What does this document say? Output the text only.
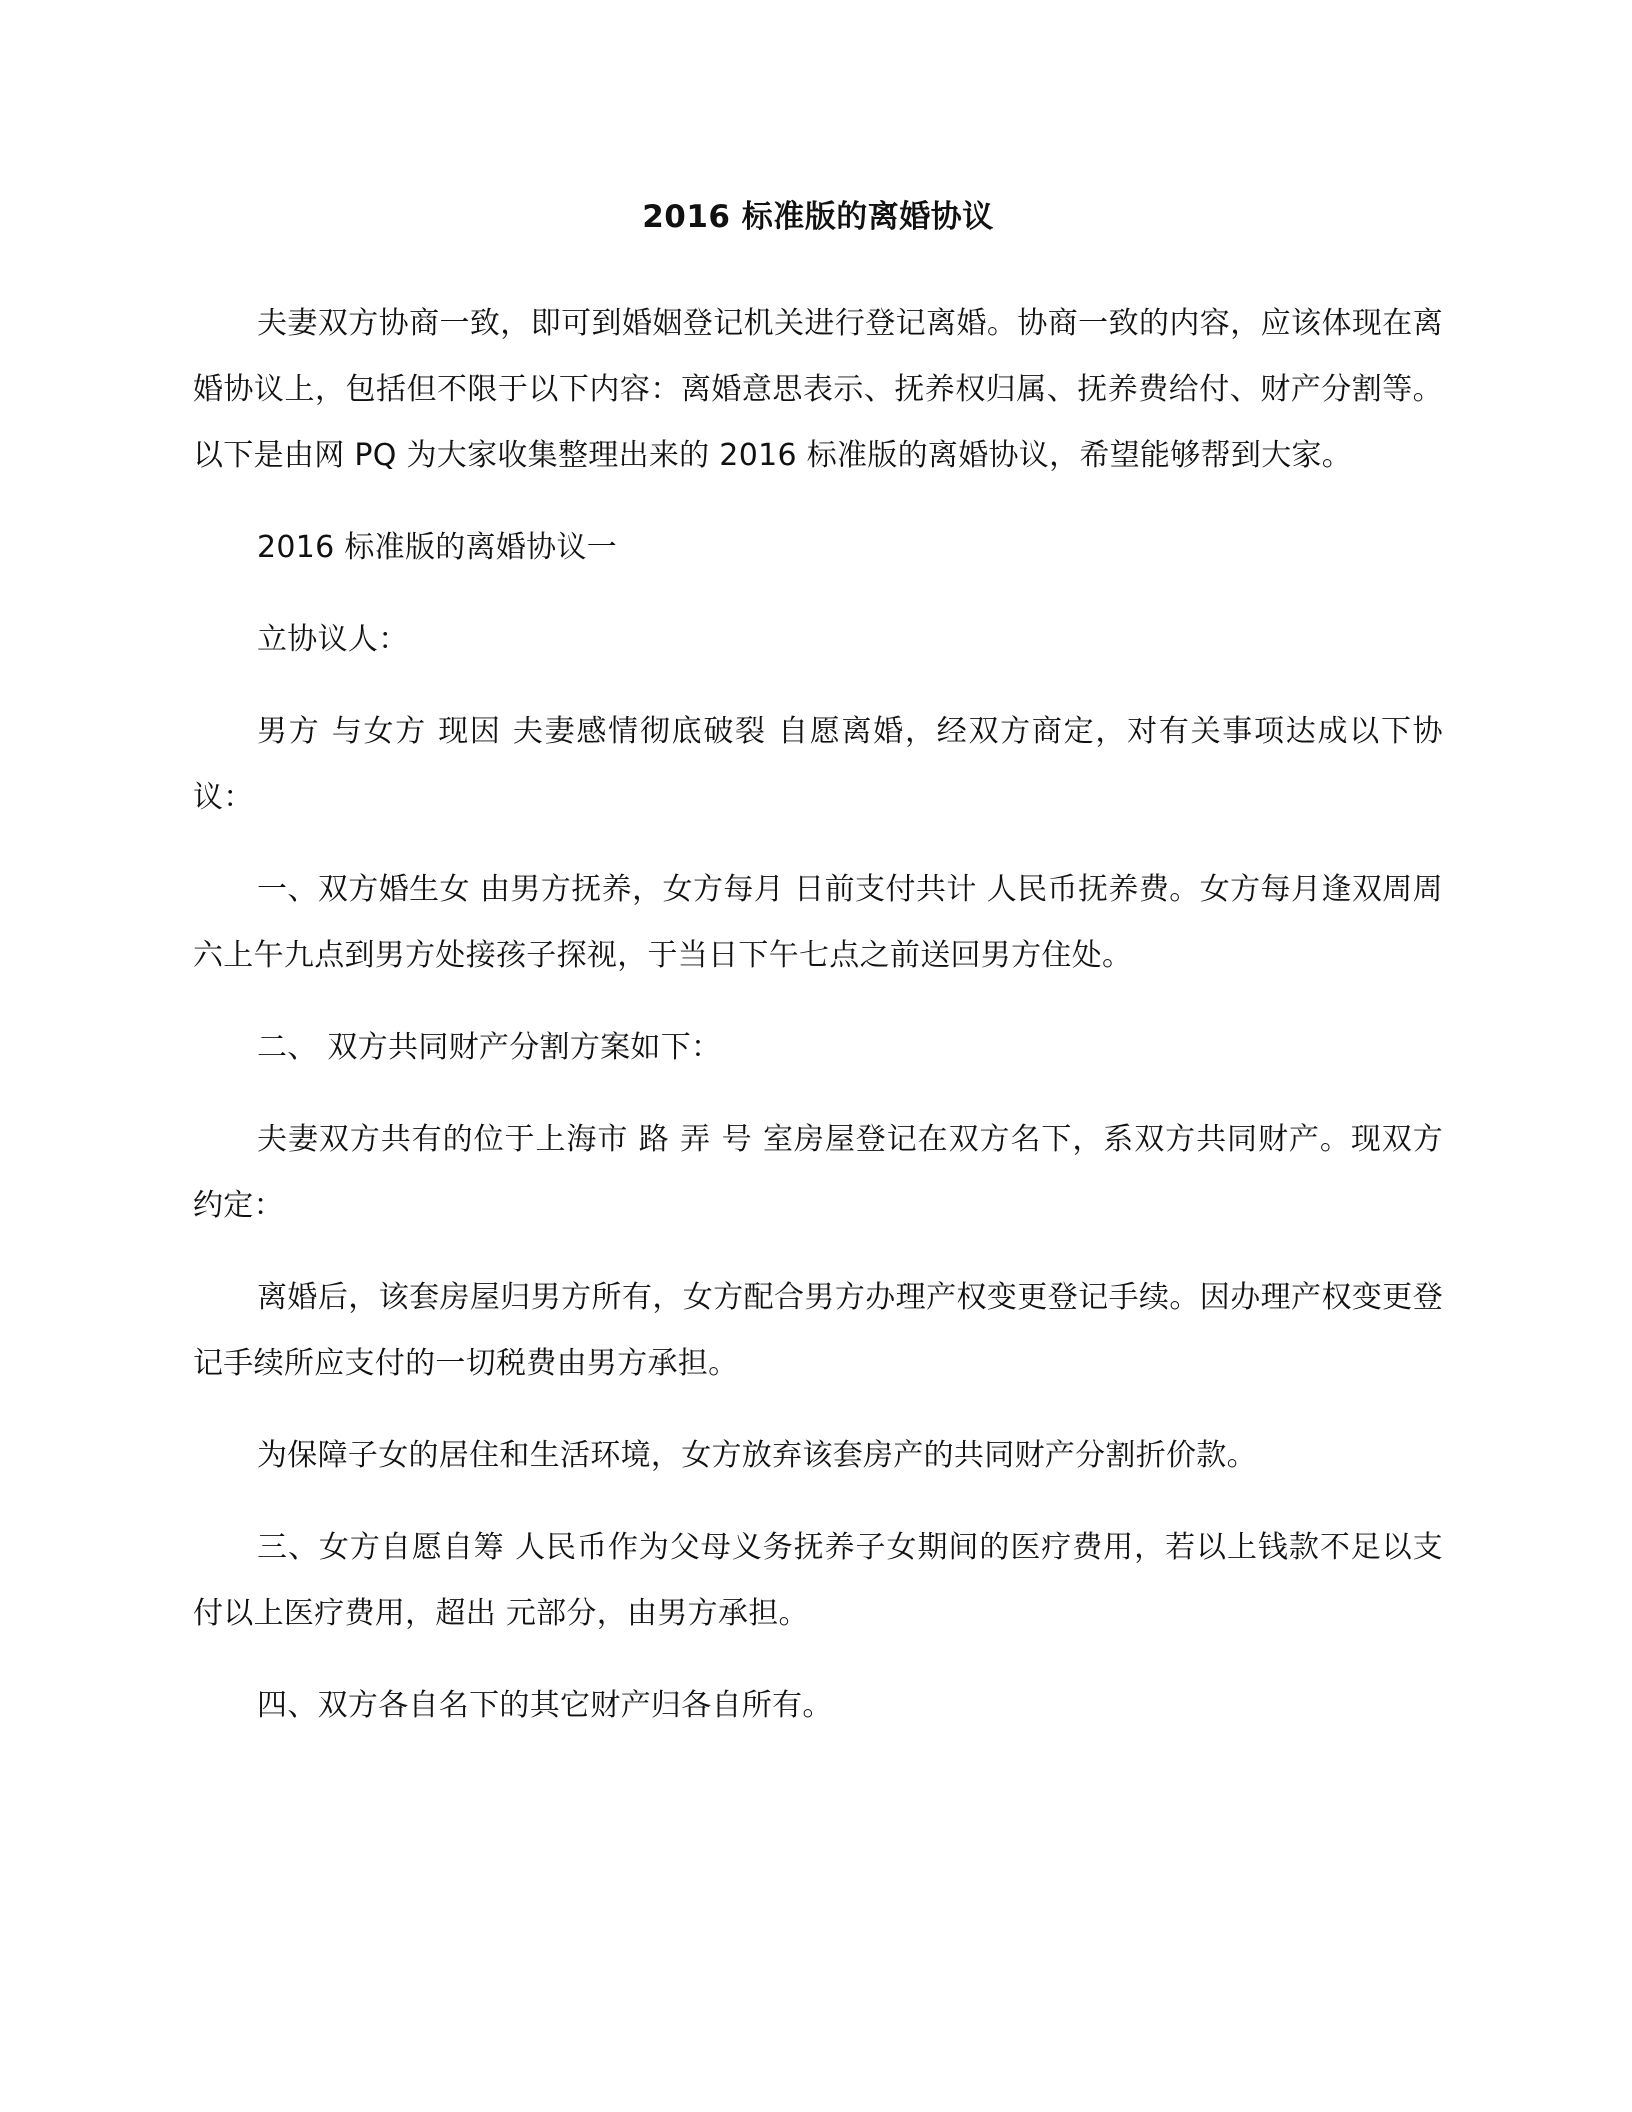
2016 标准版的离婚协议

夫妻双方协商一致，即可到婚姻登记机关进行登记离婚。协商一致的内容，应该体现在离婚协议上，包括但不限于以下内容：离婚意思表示、抚养权归属、抚养费给付、财产分割等。以下是由网 PQ 为大家收集整理出来的 2016 标准版的离婚协议，希望能够帮到大家。

2016 标准版的离婚协议一

立协议人：

男方 与女方 现因 夫妻感情彻底破裂 自愿离婚，经双方商定，对有关事项达成以下协议：

一、双方婚生女 由男方抚养，女方每月 日前支付共计 人民币抚养费。女方每月逢双周周六上午九点到男方处接孩子探视，于当日下午七点之前送回男方住处。

二、 双方共同财产分割方案如下：

夫妻双方共有的位于上海市 路 弄 号 室房屋登记在双方名下，系双方共同财产。现双方约定：

离婚后，该套房屋归男方所有，女方配合男方办理产权变更登记手续。因办理产权变更登记手续所应支付的一切税费由男方承担。

为保障子女的居住和生活环境，女方放弃该套房产的共同财产分割折价款。

三、女方自愿自筹 人民币作为父母义务抚养子女期间的医疗费用，若以上钱款不足以支付以上医疗费用，超出 元部分，由男方承担。

四、双方各自名下的其它财产归各自所有。
